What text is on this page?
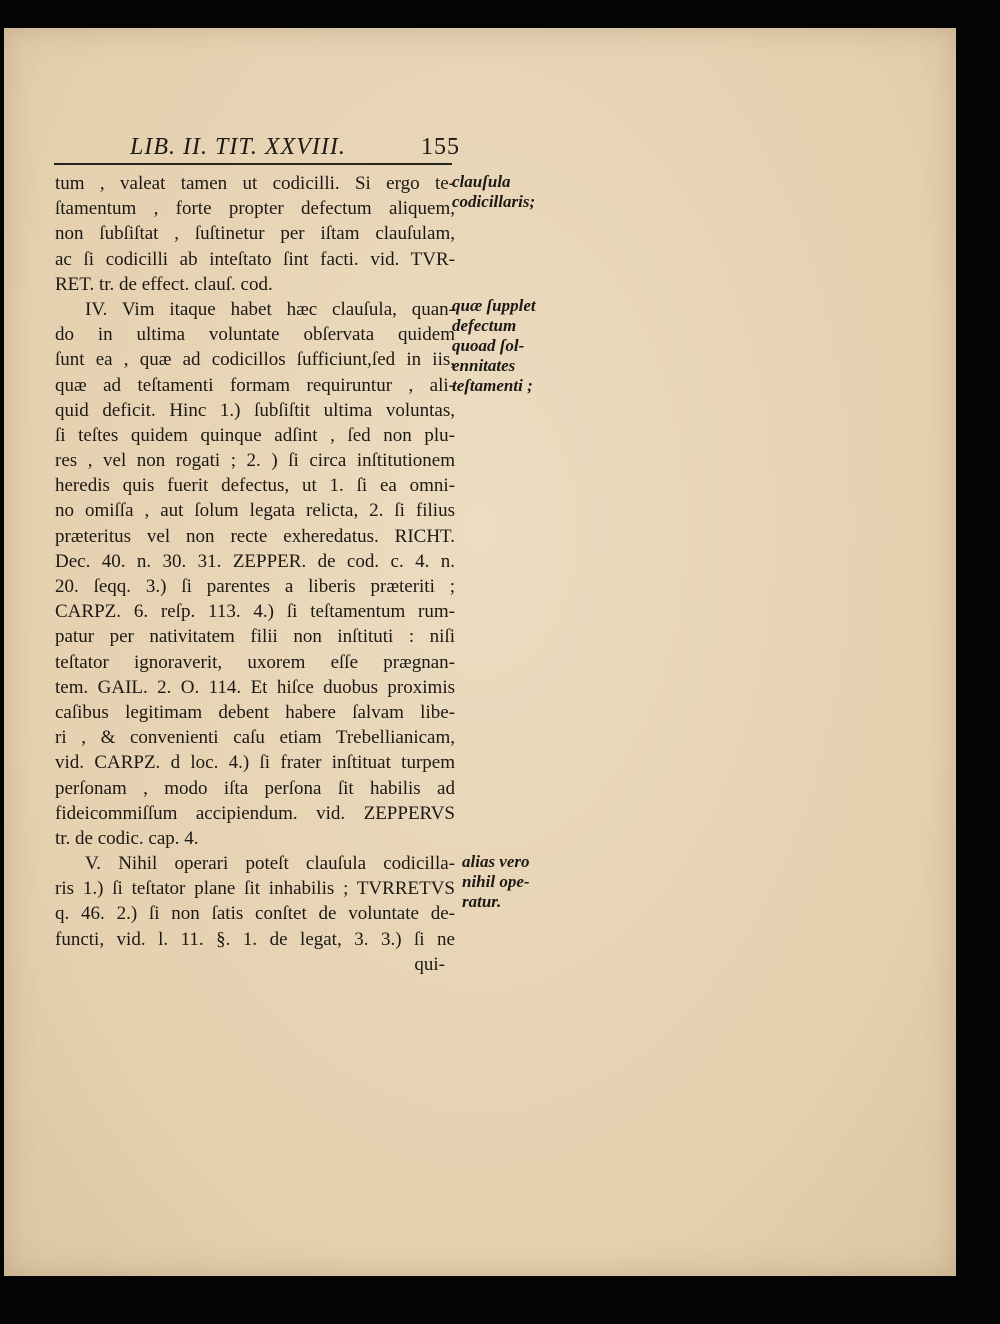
LIB. II. TIT. XXVIII.	155
tum , valeat tamen ut codicilli. Si ergo te-
ſtamentum , forte propter defectum aliquem,
non ſubſiſtat , ſuſtinetur per iſtam clauſulam,
ac ſi codicilli ab inteſtato ſint facti. vid. TVR-
RET. tr. de effect. clauſ. cod.
IV. Vim itaque habet hæc clauſula, quan-
do in ultima voluntate obſervata quidem
ſunt ea , quæ ad codicillos ſufficiunt,ſed in iis,
quæ ad teſtamenti formam requiruntur , ali-
quid deficit. Hinc 1.) ſubſiſtit ultima voluntas,
ſi teſtes quidem quinque adſint , ſed non plu-
res , vel non rogati ; 2. ) ſi circa inſtitutionem
heredis quis fuerit defectus, ut 1. ſi ea omni-
no omiſſa , aut ſolum legata relicta, 2. ſi filius
præteritus vel non recte exheredatus. RICHT.
Dec. 40. n. 30. 31. ZEPPER. de cod. c. 4. n.
20. ſeqq. 3.) ſi parentes a liberis præteriti ;
CARPZ. 6. reſp. 113. 4.) ſi teſtamentum rum-
patur per nativitatem filii non inſtituti : niſi
teſtator ignoraverit, uxorem eſſe prægnan-
tem. GAIL. 2. O. 114. Et hiſce duobus proximis
caſibus legitimam debent habere ſalvam libe-
ri , & convenienti caſu etiam Trebellianicam,
vid. CARPZ. d loc. 4.) ſi frater inſtituat turpem
perſonam , modo iſta perſona ſit habilis ad
fideicommiſſum accipiendum. vid. ZEPPERVS
tr. de codic. cap. 4.
V. Nihil operari poteſt clauſula codicilla-
ris 1.) ſi teſtator plane ſit inhabilis ; TVRRETVS
q. 46. 2.) ſi non ſatis conſtet de voluntate de-
functi, vid. l. 11. §. 1. de legat, 3. 3.) ſi ne
qui-
clauſula
codicillaris;
quæ ſupplet
defectum
quoad ſol-
ennitates
teſtamenti ;
alias vero
nihil ope-
ratur.
